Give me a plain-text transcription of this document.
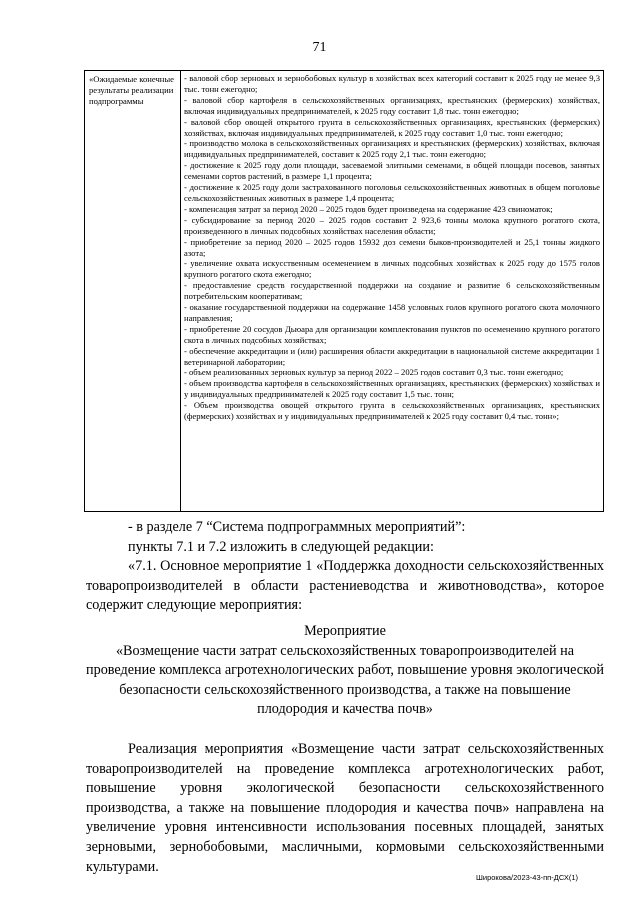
71
«Ожидаемые конечные результаты реализации подпрограммы

- валовой сбор зерновых и зернобобовых культур в хозяйствах всех категорий составит к 2025 году не менее 9,3 тыс. тонн ежегодно;

- валовой сбор картофеля в сельскохозяйственных организациях, крестьянских (фермерских) хозяйствах, включая индивидуальных предпринимателей, к 2025 году составит 1,8 тыс. тонн ежегодно;

- валовой сбор овощей открытого грунта в сельскохозяйственных организациях, крестьянских (фермерских) хозяйствах, включая индивидуальных предпринимателей, к 2025 году составит 1,0 тыс. тонн ежегодно;

- производство молока в сельскохозяйственных организациях и крестьянских (фермерских) хозяйствах, включая индивидуальных предпринимателей, составит к 2025 году 2,1 тыс. тонн ежегодно;

- достижение к 2025 году доли площади, засеваемой элитными семенами, в общей площади посевов, занятых семенами сортов растений, в размере 1,1 процента;

- достижение к 2025 году доли застрахованного поголовья сельскохозяйственных животных в общем поголовье сельскохозяйственных животных в размере 1,4 процента;

- компенсация затрат за период 2020 – 2025 годов будет произведена на содержание 423 свиноматок;

- субсидирование за период 2020 – 2025 годов составит 2 923,6 тонны молока крупного рогатого скота, произведенного в личных подсобных хозяйствах населения области;

- приобретение за период 2020 – 2025 годов 15932 доз семени быков-производителей и 25,1 тонны жидкого азота;

- увеличение охвата искусственным осеменением в личных подсобных хозяйствах к 2025 году до 1575 голов крупного рогатого скота ежегодно;

- предоставление средств государственной поддержки на создание и развитие 6 сельскохозяйственным потребительским кооперативам;

- оказание государственной поддержки на содержание 1458 условных голов крупного рогатого скота молочного направления;

- приобретение 20 сосудов Дьюара для организации комплектования пунктов по осеменению крупного рогатого скота в личных подсобных хозяйствах;

- обеспечение аккредитации и (или) расширения области аккредитации в национальной системе аккредитации 1 ветеринарной лаборатории;

- объем реализованных зерновых культур за период 2022 – 2025 годов составит 0,3 тыс. тонн ежегодно;

- объем производства картофеля в сельскохозяйственных организациях, крестьянских (фермерских) хозяйствах и у индивидуальных предпринимателей к 2025 году составит 1,5 тыс. тонн;

- Объем производства овощей открытого грунта в сельскохозяйственных организациях, крестьянских (фермерских) хозяйствах и у индивидуальных предпринимателей к 2025 году составит 0,4 тыс. тонн»;

- в разделе 7 “Система подпрограммных мероприятий”:

пункты 7.1 и 7.2 изложить в следующей редакции:

«7.1. Основное мероприятие 1 «Поддержка доходности сельскохозяйственных товаропроизводителей в области растениеводства и животноводства», которое содержит следующие мероприятия:

Мероприятие

«Возмещение части затрат сельскохозяйственных товаропроизводителей на проведение комплекса агротехнологических работ, повышение уровня экологической безопасности сельскохозяйственного производства, а также на повышение плодородия и качества почв»

Реализация мероприятия «Возмещение части затрат сельскохозяйственных товаропроизводителей на проведение комплекса агротехнологических работ, повышение уровня экологической безопасности сельскохозяйственного производства, а также на повышение плодородия и качества почв» направлена на увеличение уровня интенсивности использования посевных площадей, занятых зерновыми, зернобобовыми, масличными, кормовыми сельскохозяйственными культурами.

Широкова/2023-43-пп-ДСХ(1)
